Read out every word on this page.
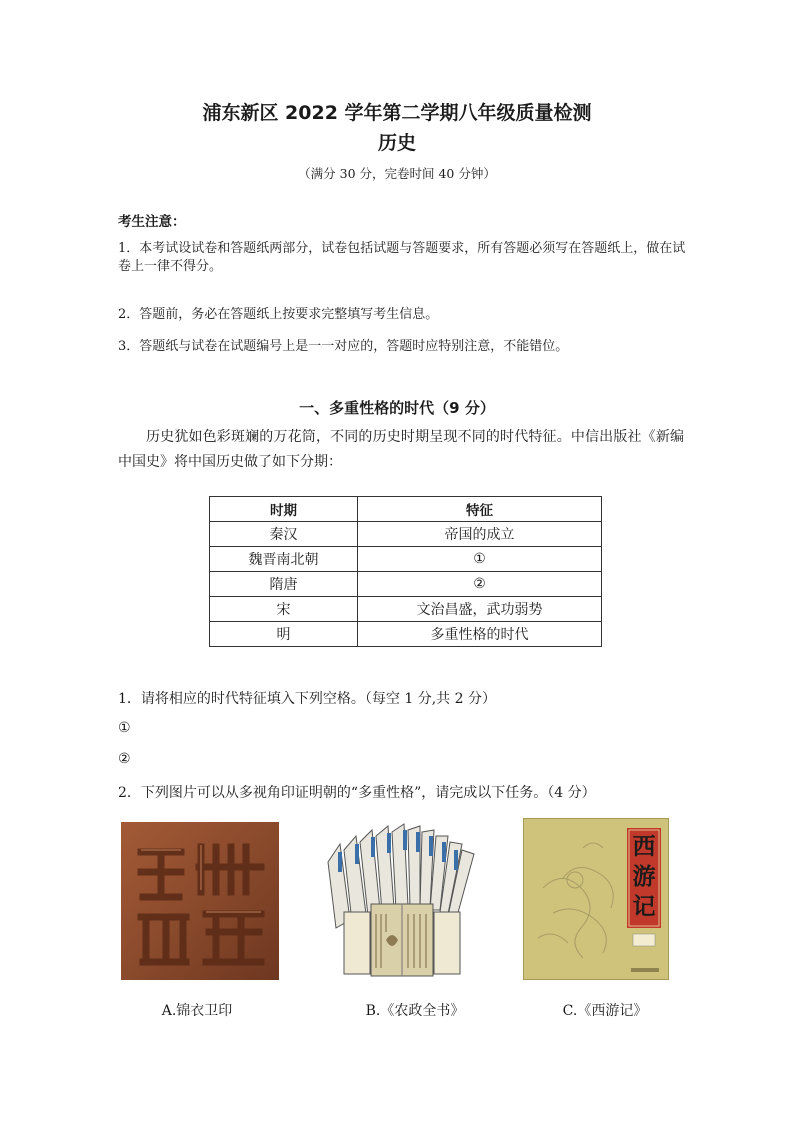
浦东新区 2022 学年第二学期八年级质量检测
历史
（满分 30 分，完卷时间 40 分钟）
考生注意：
1．本考试设试卷和答题纸两部分，试卷包括试题与答题要求，所有答题必须写在答题纸上，做在试卷上一律不得分。
2．答题前，务必在答题纸上按要求完整填写考生信息。
3．答题纸与试卷在试题编号上是一一对应的，答题时应特别注意，不能错位。
一、多重性格的时代（9 分）
历史犹如色彩斑斓的万花筒，不同的历史时期呈现不同的时代特征。中信出版社《新编中国史》将中国历史做了如下分期：
时期	特征
秦汉	帝国的成立
魏晋南北朝	①
隋唐	②
宋	文治昌盛，武功弱势
明	多重性格的时代
1．请将相应的时代特征填入下列空格。（每空 1 分,共 2 分）
①
②
2．下列图片可以从多视角印证明朝的“多重性格”，请完成以下任务。（4 分）
西
游
记
A.锦衣卫印	B.《农政全书》	C.《西游记》
